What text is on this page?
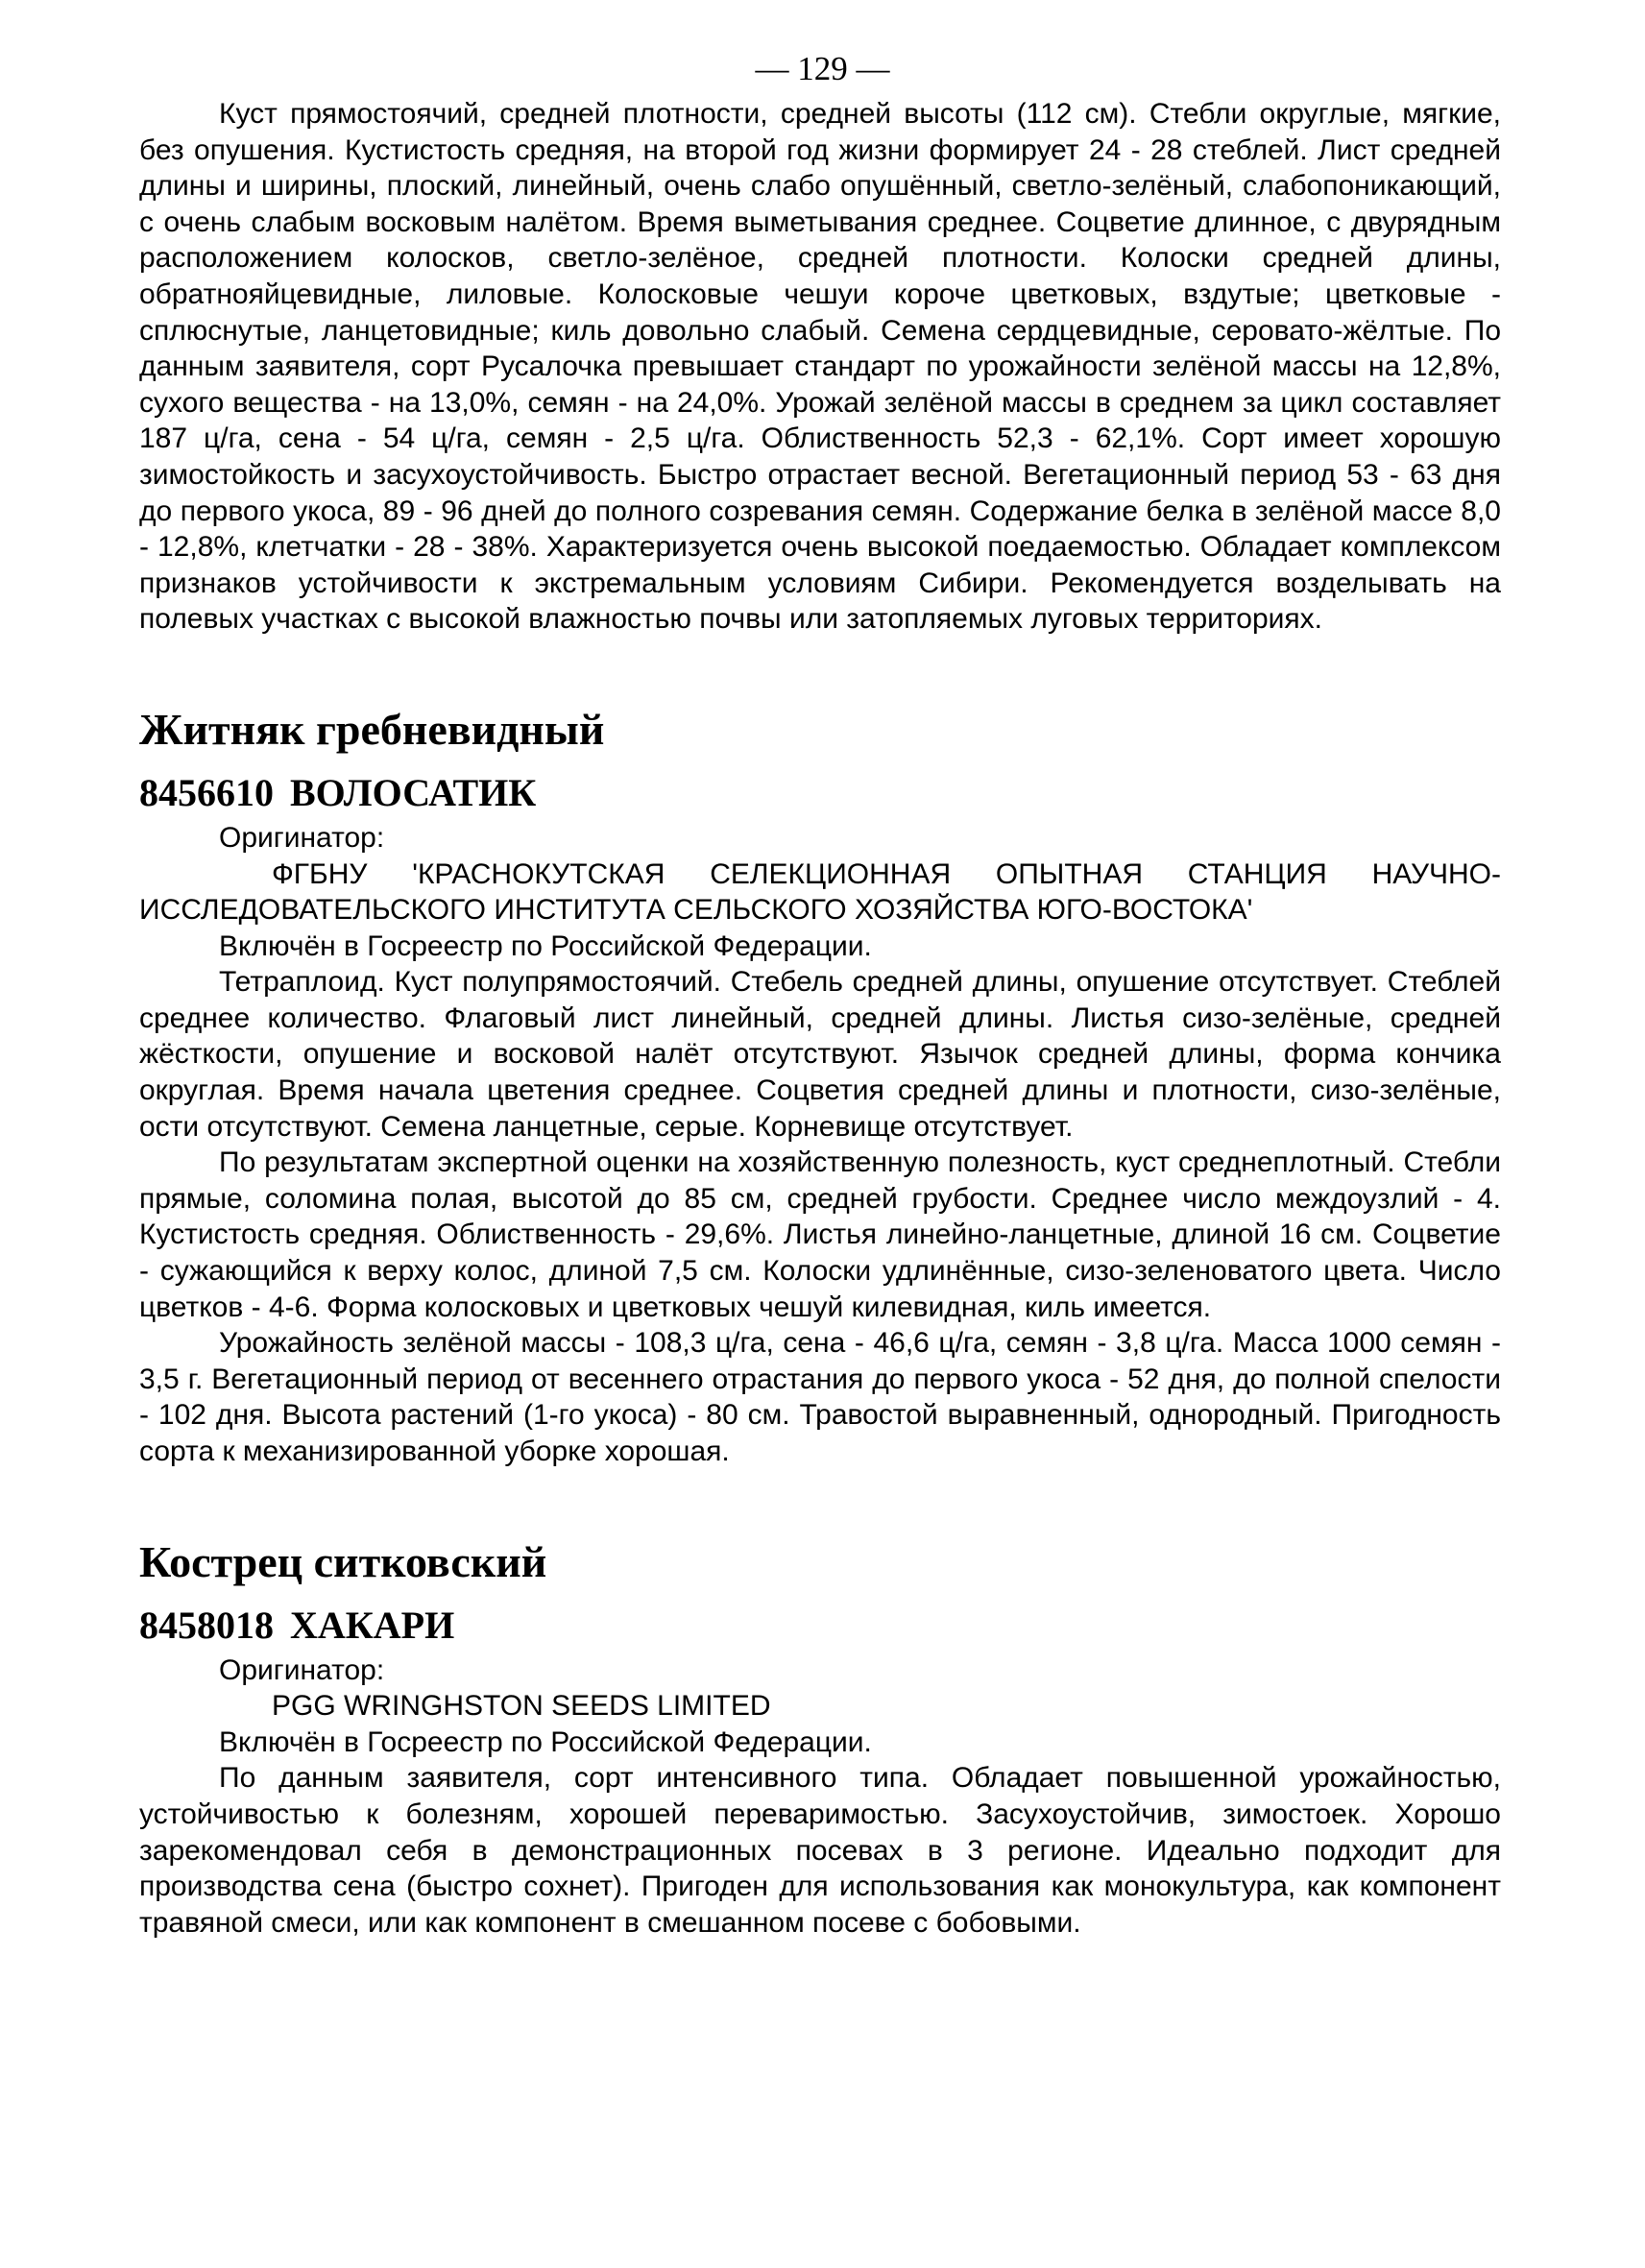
— 129 —

Куст прямостоячий, средней плотности, средней высоты (112 см). Стебли округлые, мягкие, без опушения. Кустистость средняя, на второй год жизни формирует 24 - 28 стеблей. Лист средней длины и ширины, плоский, линейный, очень слабо опушённый, светло-зелёный, слабопоникающий, с очень слабым восковым налётом. Время выметывания среднее. Соцветие длинное, с двурядным расположением колосков, светло-зелёное, средней плотности. Колоски средней длины, обратнояйцевидные, лиловые. Колосковые чешуи короче цветковых, вздутые; цветковые - сплюснутые, ланцетовидные; киль довольно слабый. Семена сердцевидные, серовато-жёлтые. По данным заявителя, сорт Русалочка превышает стандарт по урожайности зелёной массы на 12,8%, сухого вещества - на 13,0%, семян - на 24,0%. Урожай зелёной массы в среднем за цикл составляет 187 ц/га, сена - 54 ц/га, семян - 2,5 ц/га. Облиственность 52,3 - 62,1%. Сорт имеет хорошую зимостойкость и засухоустойчивость. Быстро отрастает весной. Вегетационный период 53 - 63 дня до первого укоса, 89 - 96 дней до полного созревания семян. Содержание белка в зелёной массе 8,0 - 12,8%, клетчатки - 28 - 38%. Характеризуется очень высокой поедаемостью. Обладает комплексом признаков устойчивости к экстремальным условиям Сибири. Рекомендуется возделывать на полевых участках с высокой влажностью почвы или затопляемых луговых территориях.

Житняк гребневидный
8456610 ВОЛОСАТИК

Оригинатор:

ФГБНУ 'КРАСНОКУТСКАЯ СЕЛЕКЦИОННАЯ ОПЫТНАЯ СТАНЦИЯ НАУЧНО-ИССЛЕДОВАТЕЛЬСКОГО ИНСТИТУТА СЕЛЬСКОГО ХОЗЯЙСТВА ЮГО-ВОСТОКА'

Включён в Госреестр по Российской Федерации.

Тетраплоид. Куст полупрямостоячий. Стебель средней длины, опушение отсутствует. Стеблей среднее количество. Флаговый лист линейный, средней длины. Листья сизо-зелёные, средней жёсткости, опушение и восковой налёт отсутствуют. Язычок средней длины, форма кончика округлая. Время начала цветения среднее. Соцветия средней длины и плотности, сизо-зелёные, ости отсутствуют. Семена ланцетные, серые. Корневище отсутствует.

По результатам экспертной оценки на хозяйственную полезность, куст среднеплотный. Стебли прямые, соломина полая, высотой до 85 см, средней грубости. Среднее число междоузлий - 4. Кустистость средняя. Облиственность - 29,6%. Листья линейно-ланцетные, длиной 16 см. Соцветие - сужающийся к верху колос, длиной 7,5 см. Колоски удлинённые, сизо-зеленоватого цвета. Число цветков - 4-6. Форма колосковых и цветковых чешуй килевидная, киль имеется.

Урожайность зелёной массы - 108,3 ц/га, сена - 46,6 ц/га, семян - 3,8 ц/га. Масса 1000 семян - 3,5 г. Вегетационный период от весеннего отрастания до первого укоса - 52 дня, до полной спелости - 102 дня. Высота растений (1-го укоса) - 80 см. Травостой выравненный, однородный. Пригодность сорта к механизированной уборке хорошая.

Кострец ситковский
8458018 ХАКАРИ

Оригинатор:

PGG WRINGHSTON SEEDS LIMITED

Включён в Госреестр по Российской Федерации.

По данным заявителя, сорт интенсивного типа. Обладает повышенной урожайностью, устойчивостью к болезням, хорошей переваримостью. Засухоустойчив, зимостоек. Хорошо зарекомендовал себя в демонстрационных посевах в 3 регионе. Идеально подходит для производства сена (быстро сохнет). Пригоден для использования как монокультура, как компонент травяной смеси, или как компонент в смешанном посеве с бобовыми.
